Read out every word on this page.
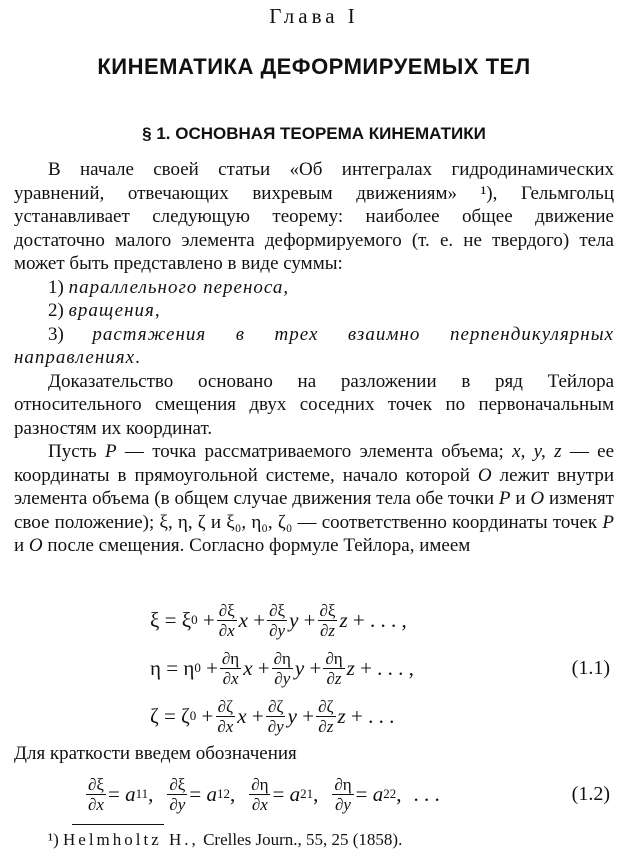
Глава I
КИНЕМАТИКА ДЕФОРМИРУЕМЫХ ТЕЛ
§ 1. ОСНОВНАЯ ТЕОРЕМА КИНЕМАТИКИ

В начале своей статьи «Об интегралах гидродинамических уравнений, отвечающих вихревым движениям» ¹), Гельмгольц устанавливает следующую теорему: наиболее общее движение достаточно малого элемента деформируемого (т. е. не твердого) тела может быть представлено в виде суммы:

1) параллельного переноса,

2) вращения,

3) растяжения в трех взаимно перпендикулярных направлениях.

Доказательство основано на разложении в ряд Тейлора относительного смещения двух соседних точек по первоначальным разностям их координат.

Пусть P — точка рассматриваемого элемента объема; x, y, z — ее координаты в прямоугольной системе, начало которой O лежит внутри элемента объема (в общем случае движения тела обе точки P и O изменят свое положение); ξ, η, ζ и ξ₀, η₀, ζ₀ — соответственно координаты точек P и O после смещения. Согласно формуле Тейлора, имеем

ξ = ξ $0 + \frac{\partial\xi}{\partial x}$ $x + \frac{\partial\xi}{\partial y}$ $y + \frac{\partial\xi}{\partial z}$ z
+ . . . ,
η = η $0 + \frac{\partial\eta}{\partial x}$ $x + \frac{\partial\eta}{\partial y}$ $y + \frac{\partial\eta}{\partial z}$ z
+ . . . ,	(1.1)
ζ = ζ $0 + \frac{\partial\zeta}{\partial x}$ $x + \frac{\partial\zeta}{\partial y}$ $y + \frac{\partial\zeta}{\partial z}$ z
+ . . .

Для краткости введем обозначения

$\frac{\partial\xi}{\partial x} = a$ 11 , $\frac{\partial\xi}{\partial y} = a$ 12 , $\frac{\partial\eta}{\partial x} = a$ 21 , $\frac{\partial\eta}{\partial y} = a$ 22 , . . .	(1.2)
¹) Helmholtz H., Crelles Journ., 55, 25 (1858).
